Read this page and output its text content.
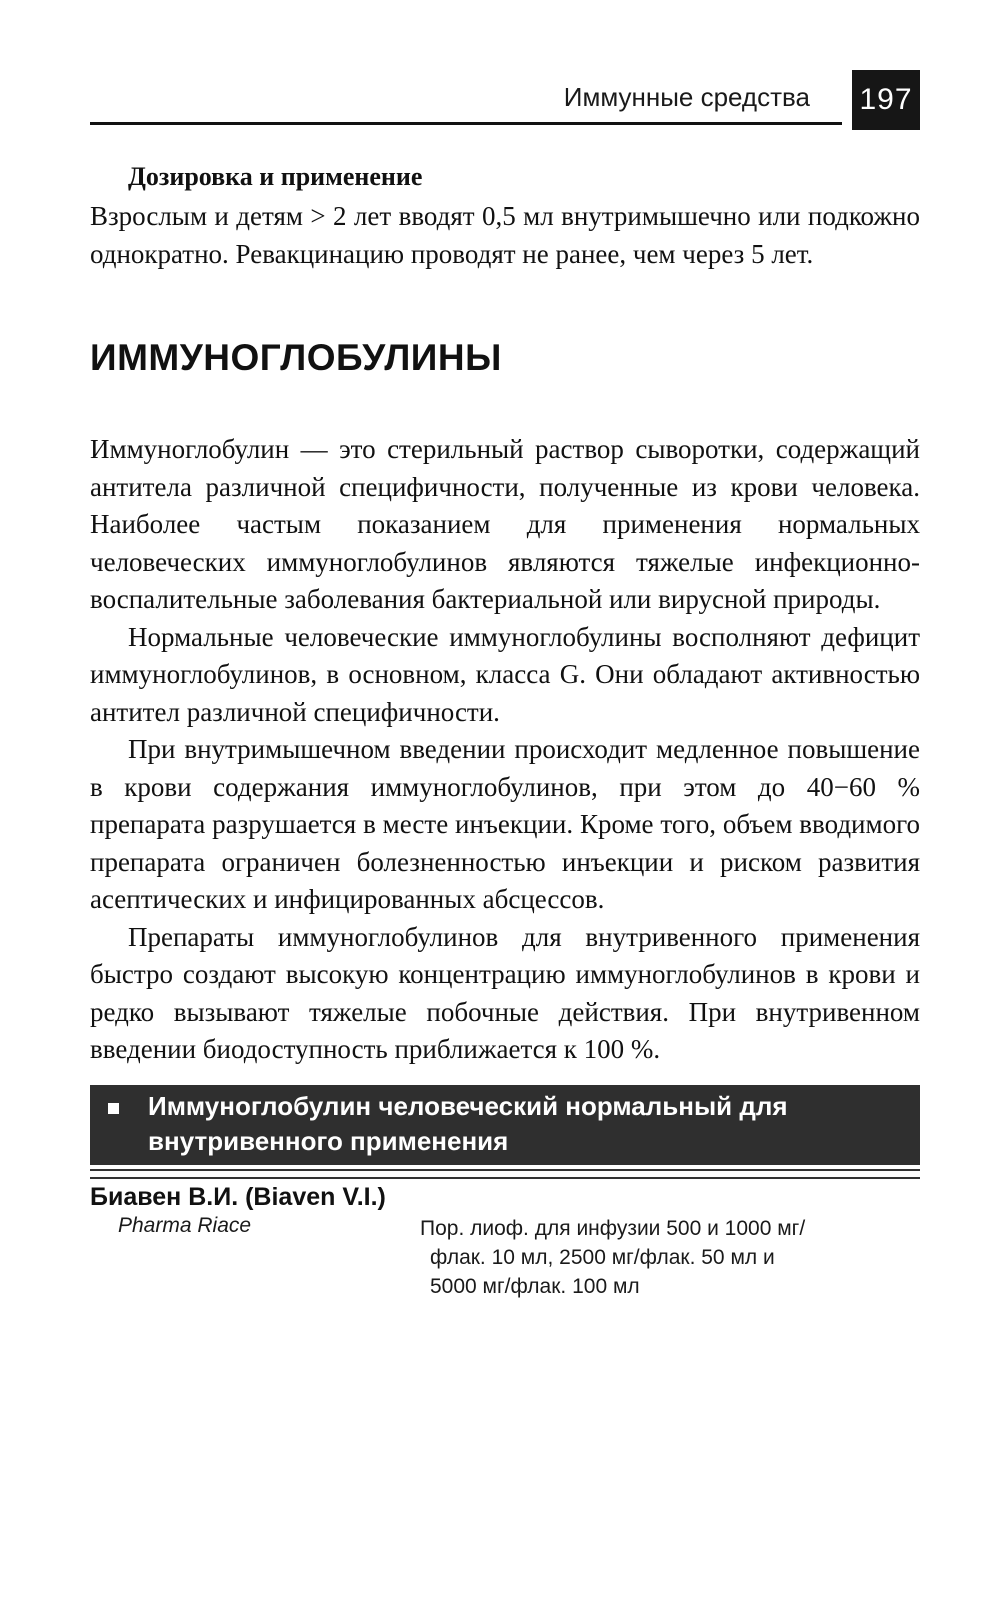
Иммунные средства 197
Дозировка и применение

Взрослым и детям > 2 лет вводят 0,5 мл внутримышечно или подкожно однократно. Ревакцинацию проводят не ранее, чем через 5 лет.

ИММУНОГЛОБУЛИНЫ

Иммуноглобулин — это стерильный раствор сыворотки, содержащий антитела различной специфичности, полученные из крови человека. Наиболее частым показанием для применения нормальных человеческих иммуноглобулинов являются тяжелые инфекционно-воспалительные заболевания бактериальной или вирусной природы.

Нормальные человеческие иммуноглобулины восполняют дефицит иммуноглобулинов, в основном, класса G. Они обладают активностью антител различной специфичности.

При внутримышечном введении происходит медленное повышение в крови содержания иммуноглобулинов, при этом до 40−60 % препарата разрушается в месте инъекции. Кроме того, объем вводимого препарата ограничен болезненностью инъекции и риском развития асептических и инфицированных абсцессов.

Препараты иммуноглобулинов для внутривенного применения быстро создают высокую концентрацию иммуноглобулинов в крови и редко вызывают тяжелые побочные действия. При внутривенном введении биодоступность приближается к 100 %.

Иммуноглобулин человеческий нормальный для внутривенного применения
Биавен В.И. (Biaven V.I.)
Pharma Riace	Пор. лиоф. для инфузии 500 и 1000 мг/
флак. 10 мл, 2500 мг/флак. 50 мл и
5000 мг/флак. 100 мл
